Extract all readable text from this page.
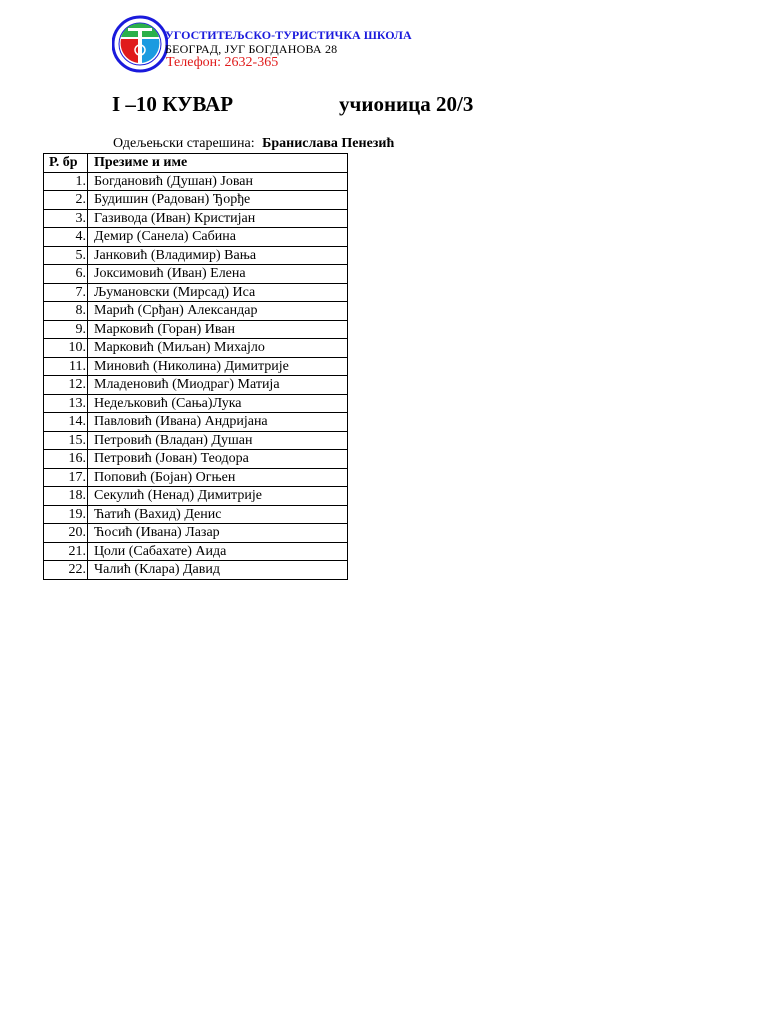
УГОСТИТЕЉСКО-ТУРИСТИЧКА ШКОЛА
БЕОГРАД, ЈУГ БОГДАНОВА 28
Телефон: 2632-365
I –10 КУВАР	учионица 20/3
Одељењски старешина: Бранислава Пенезић
Р. бр	Презиме и име
1.	Богдановић (Душан) Јован
2.	Будишин (Радован) Ђорђе
3.	Газивода (Иван) Кристијан
4.	Демир (Санела) Сабина
5.	Јанковић (Владимир) Вања
6.	Јоксимовић (Иван) Елена
7.	Љумановски (Мирсад) Иса
8.	Марић (Срђан) Александар
9.	Марковић (Горан) Иван
10.	Марковић (Миљан) Михајло
11.	Миновић (Николина) Димитрије
12.	Младеновић (Миодраг) Матија
13.	Недељковић (Сања)Лука
14.	Павловић (Ивана) Андријана
15.	Петровић (Владан) Душан
16.	Петровић (Јован) Теодора
17.	Поповић (Бојан) Огњен
18.	Секулић (Ненад) Димитрије
19.	Ћатић (Вахид) Денис
20.	Ћосић (Ивана) Лазар
21.	Цоли (Сабахате) Аида
22.	Чалић (Клара) Давид
